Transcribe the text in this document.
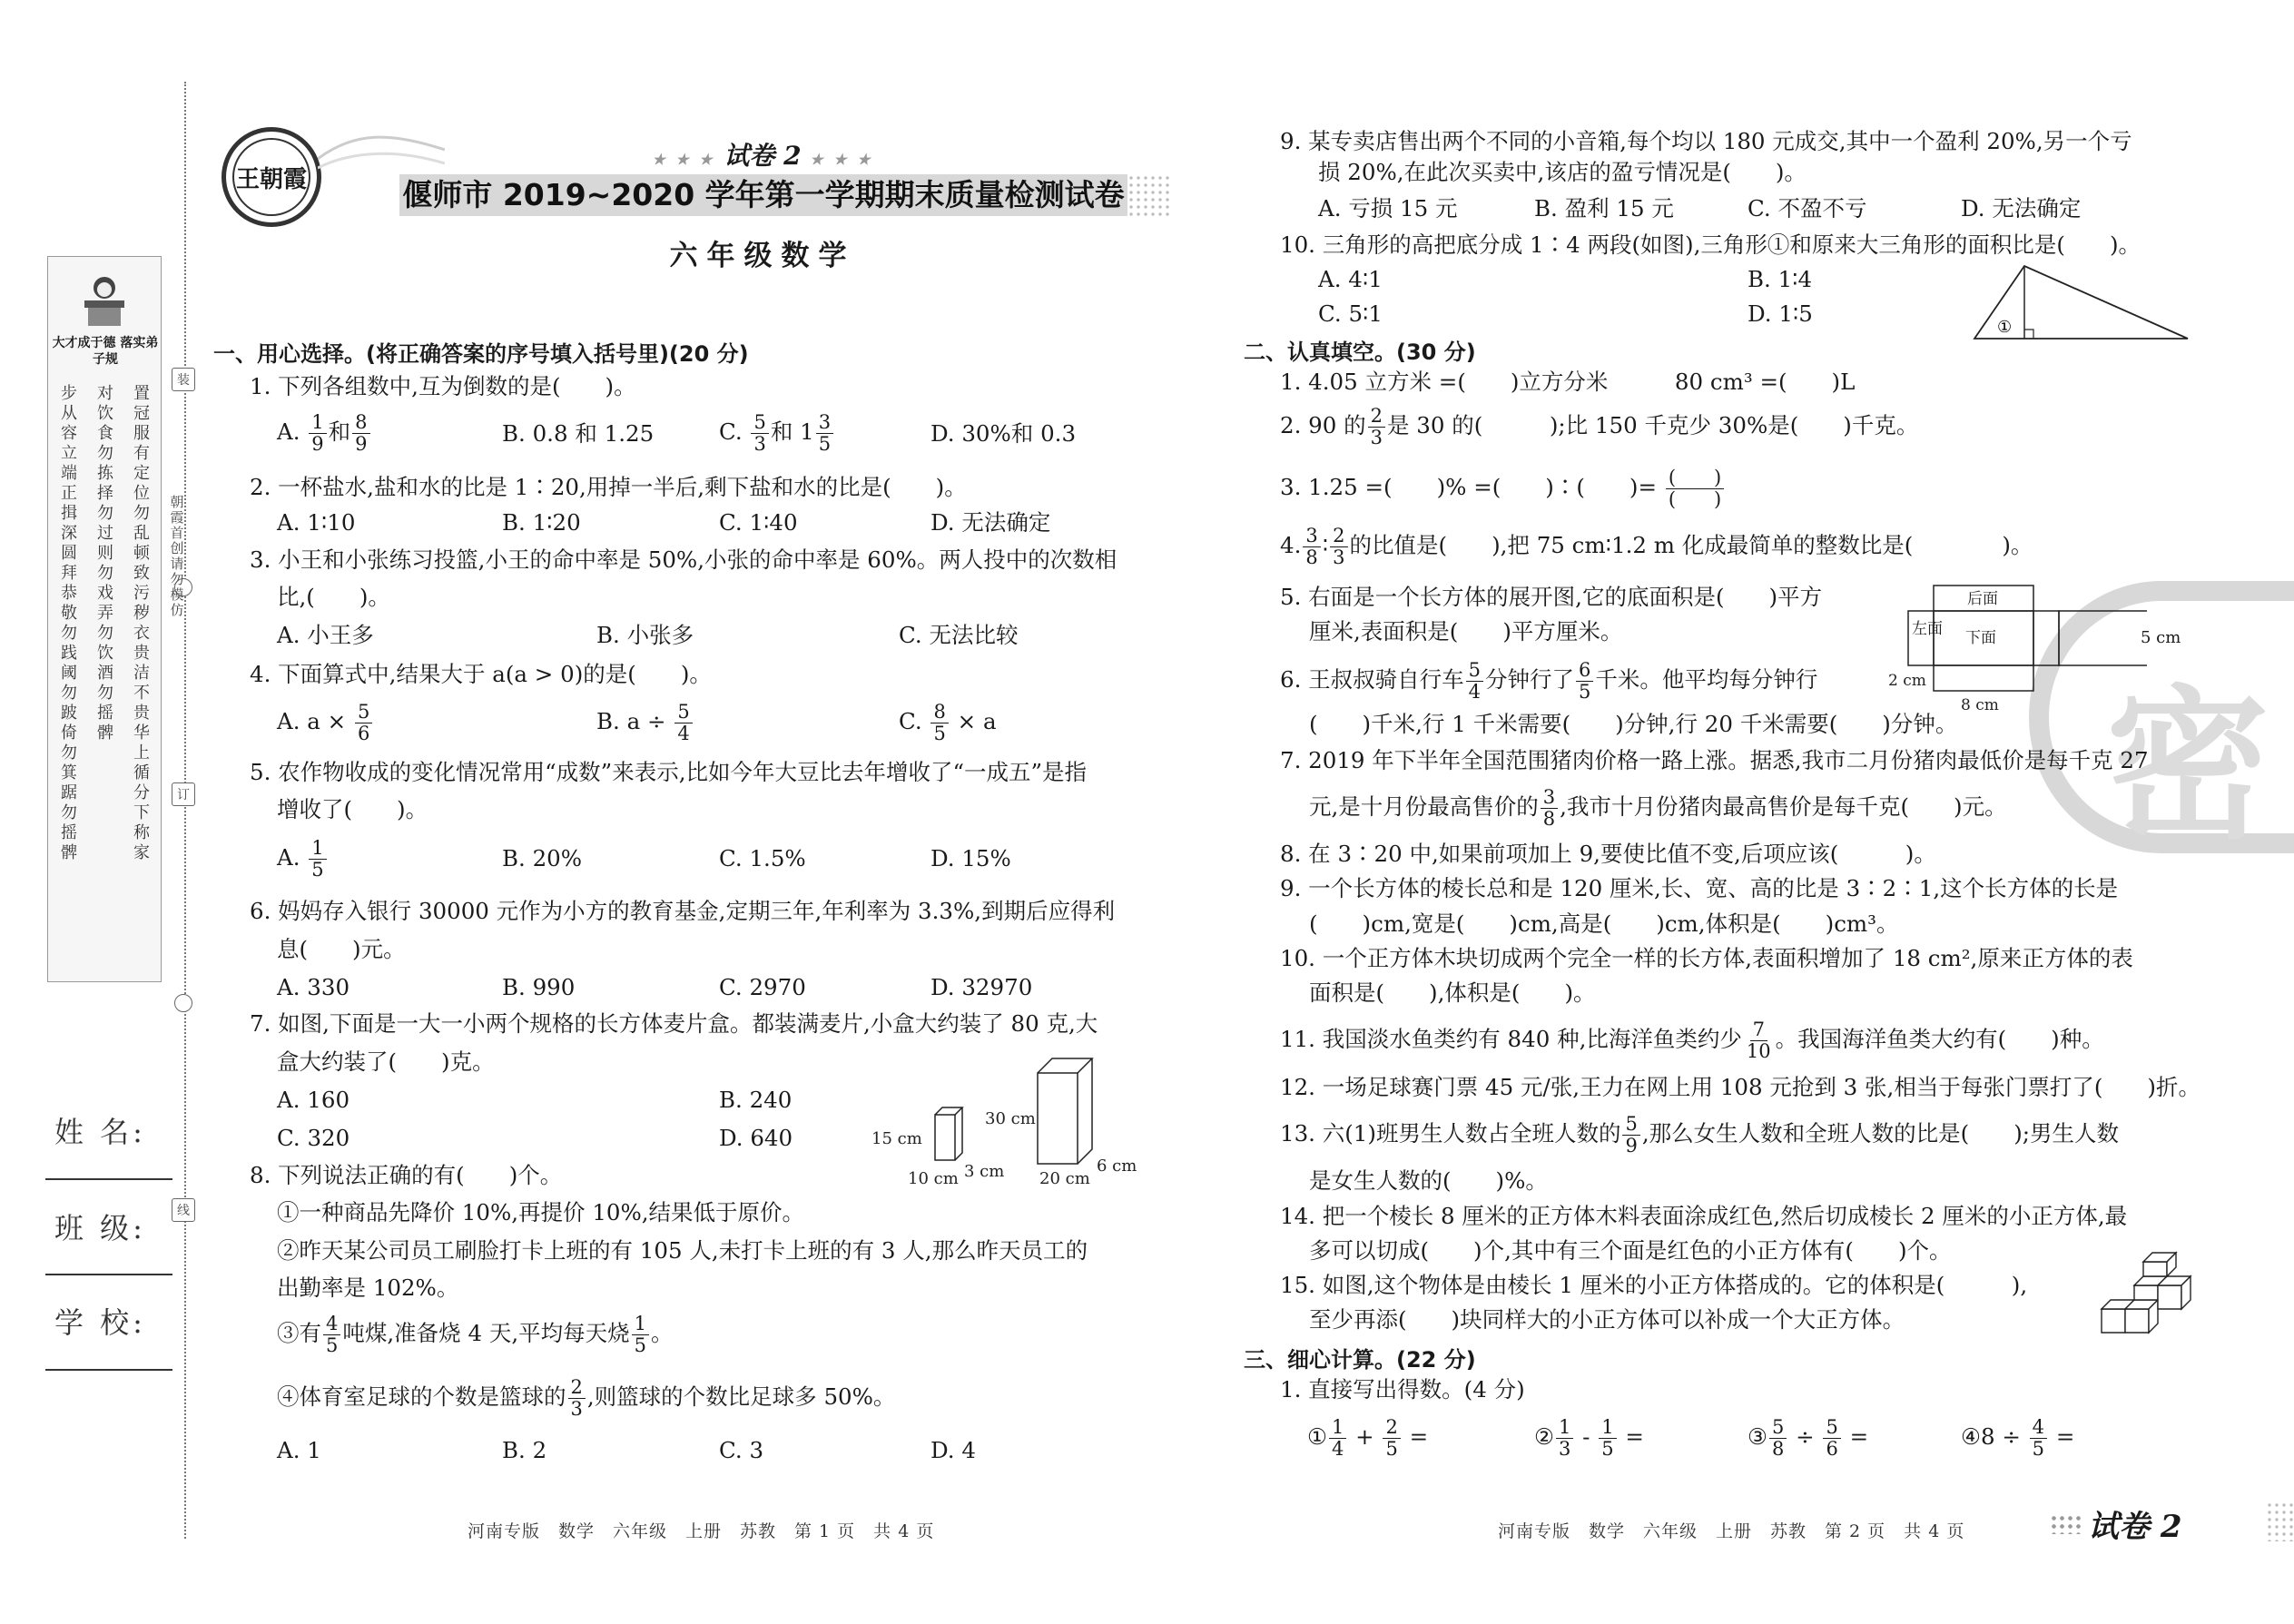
装
订
线
朝霞首创 请勿模仿
大才成于德 落实弟子规
步从容立端正揖深圆拜恭敬勿践阈勿跛倚勿箕踞勿摇髀
对饮食勿拣择勿过则勿戏弄勿饮酒勿摇髀
置冠服有定位勿乱顿致污秽衣贵洁不贵华上循分下称家
姓 名:
班 级:
学 校:
王朝霞
★ ★ ★ 试卷 2 ★ ★ ★
偃师市 2019~2020 学年第一学期期末质量检测试卷
六年级数学
一、用心选择。(将正确答案的序号填入括号里)(20 分)
1. 下列各组数中,互为倒数的是(　　)。
A. $\frac{1}{9}$ 和 $\frac{8}{9}$	B. 0.8 和 1.25	C. $\frac{5}{3}$ 和 $1 \frac{3}{5}$	D. 30%和 0.3
2. 一杯盐水,盐和水的比是 1∶20,用掉一半后,剩下盐和水的比是(　　)。
A. 1∶10	B. 1∶20	C. 1∶40	D. 无法确定
3. 小王和小张练习投篮,小王的命中率是 50%,小张的命中率是 60%。两人投中的次数相
比,(　　)。
A. 小王多	B. 小张多	C. 无法比较
4. 下面算式中,结果大于 a(a > 0)的是(　　)。
A. $a \times \frac{5}{6}$	B. $a \div \frac{5}{4}$	C. $\frac{8}{5} \times a$
5. 农作物收成的变化情况常用“成数”来表示,比如今年大豆比去年增收了“一成五”是指
增收了(　　)。
A. $\frac{1}{5}$	B. 20%	C. 1.5%	D. 15%
6. 妈妈存入银行 30000 元作为小方的教育基金,定期三年,年利率为 3.3%,到期后应得利
息(　　)元。
A. 330	B. 990	C. 2970	D. 32970
7. 如图,下面是一大一小两个规格的长方体麦片盒。都装满麦片,小盒大约装了 80 克,大
盒大约装了(　　)克。
A. 160	B. 240
C. 320	D. 640	15 cm
10 cm 3 cm
30 cm
20 cm
6 cm
8. 下列说法正确的有(　　)个。
①一种商品先降价 10%,再提价 10%,结果低于原价。
②昨天某公司员工刷脸打卡上班的有 105 人,未打卡上班的有 3 人,那么昨天员工的
出勤率是 102%。
③有 $\frac{4}{5}$ 吨煤,准备烧 4 天,平均每天烧 $\frac{1}{5}$ 。
④体育室足球的个数是篮球的 $\frac{2}{3}$ ,则篮球的个数比足球多 50%。
A. 1	B. 2	C. 3	D. 4
河南专版　数学　六年级　上册　苏教　第 1 页　共 4 页
密
9. 某专卖店售出两个不同的小音箱,每个均以 180 元成交,其中一个盈利 20%,另一个亏
损 20%,在此次买卖中,该店的盈亏情况是(　　)。
A. 亏损 15 元	B. 盈利 15 元	C. 不盈不亏	D. 无法确定
10. 三角形的高把底分成 1∶4 两段(如图),三角形①和原来大三角形的面积比是(　　)。
A. 4∶1	B. 1∶4
C. 5∶1	D. 1∶5
①
二、认真填空。(30 分)
1. 4.05 立方米 =(　　)立方分米　　　80 cm³ =(　　)L
2. 90 的 $\frac{2}{3}$ 是 30 的(　　　);比 150 千克少 30%是(　　)千克。
3. 1.25 =(　　)% =(　　)∶(　　)= (　　)
(　　)
4. $\frac{3}{8}$ ∶ $\frac{2}{3}$ 的比值是(　　),把 75 cm∶1.2 m 化成最简单的整数比是(　　　　)。
5. 右面是一个长方体的展开图,它的底面积是(　　)平方
厘米,表面积是(　　)平方厘米。
后面
下面
左面
8 cm
2 cm
5 cm
6. 王叔叔骑自行车 $\frac{5}{4}$ 分钟行了 $\frac{6}{5}$ 千米。他平均每分钟行
(　　)千米,行 1 千米需要(　　)分钟,行 20 千米需要(　　)分钟。
7. 2019 年下半年全国范围猪肉价格一路上涨。据悉,我市二月份猪肉最低价是每千克 27
元,是十月份最高售价的 $\frac{3}{8}$ ,我市十月份猪肉最高售价是每千克(　　)元。
8. 在 3∶20 中,如果前项加上 9,要使比值不变,后项应该(　　　)。
9. 一个长方体的棱长总和是 120 厘米,长、宽、高的比是 3∶2∶1,这个长方体的长是
(　　)cm,宽是(　　)cm,高是(　　)cm,体积是(　　)cm³。
10. 一个正方体木块切成两个完全一样的长方体,表面积增加了 18 cm²,原来正方体的表
面积是(　　),体积是(　　)。
11. 我国淡水鱼类约有 840 种,比海洋鱼类约少 $\frac{7}{10}$ 。我国海洋鱼类大约有(　　)种。
12. 一场足球赛门票 45 元/张,王力在网上用 108 元抢到 3 张,相当于每张门票打了(　　)折。
13. 六(1)班男生人数占全班人数的 $\frac{5}{9}$ ,那么女生人数和全班人数的比是(　　);男生人数
是女生人数的(　　)%。
14. 把一个棱长 8 厘米的正方体木料表面涂成红色,然后切成棱长 2 厘米的小正方体,最
多可以切成(　　)个,其中有三个面是红色的小正方体有(　　)个。
15. 如图,这个物体是由棱长 1 厘米的小正方体搭成的。它的体积是(　　　),
至少再添(　　)块同样大的小正方体可以补成一个大正方体。
三、细心计算。(22 分)
1. 直接写出得数。(4 分)
① $\frac{1}{4} + \frac{2}{5}$ =	② $\frac{1}{3} - \frac{1}{5}$ =	③ $\frac{5}{8} \div \frac{5}{6}$ =	④8 ÷ $\frac{4}{5}$ =
河南专版　数学　六年级　上册　苏教　第 2 页　共 4 页	试卷 2
